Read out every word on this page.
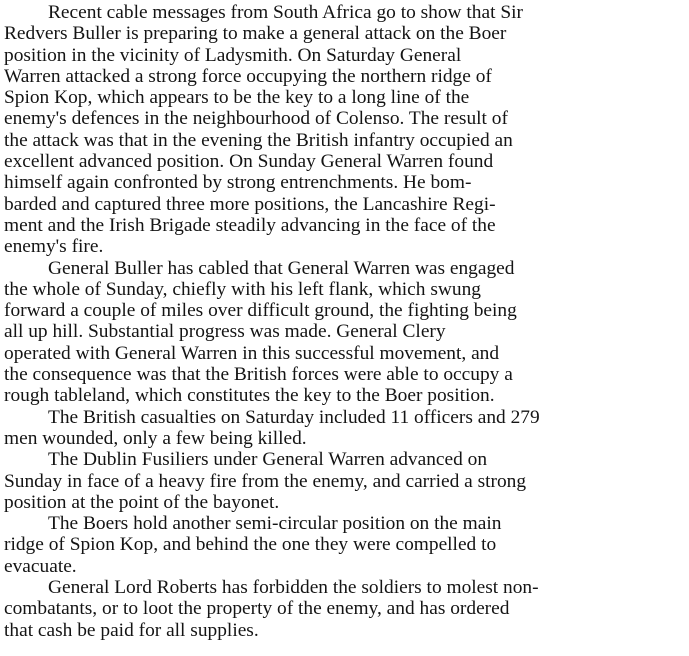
Recent cable messages from South Africa go to show that Sir
Redvers Buller is preparing to make a general attack on the Boer
position in the vicinity of Ladysmith. On Saturday General
Warren attacked a strong force occupying the northern ridge of
Spion Kop, which appears to be the key to a long line of the
enemy's defences in the neighbourhood of Colenso. The result of
the attack was that in the evening the British infantry occupied an
excellent advanced position. On Sunday General Warren found
himself again confronted by strong entrenchments. He bom-
barded and captured three more positions, the Lancashire Regi-
ment and the Irish Brigade steadily advancing in the face of the
enemy's fire.
General Buller has cabled that General Warren was engaged
the whole of Sunday, chiefly with his left flank, which swung
forward a couple of miles over difficult ground, the fighting being
all up hill. Substantial progress was made. General Clery
operated with General Warren in this successful movement, and
the consequence was that the British forces were able to occupy a
rough tableland, which constitutes the key to the Boer position.
The British casualties on Saturday included 11 officers and 279
men wounded, only a few being killed.
The Dublin Fusiliers under General Warren advanced on
Sunday in face of a heavy fire from the enemy, and carried a strong
position at the point of the bayonet.
The Boers hold another semi-circular position on the main
ridge of Spion Kop, and behind the one they were compelled to
evacuate.
General Lord Roberts has forbidden the soldiers to molest non-
combatants, or to loot the property of the enemy, and has ordered
that cash be paid for all supplies.
